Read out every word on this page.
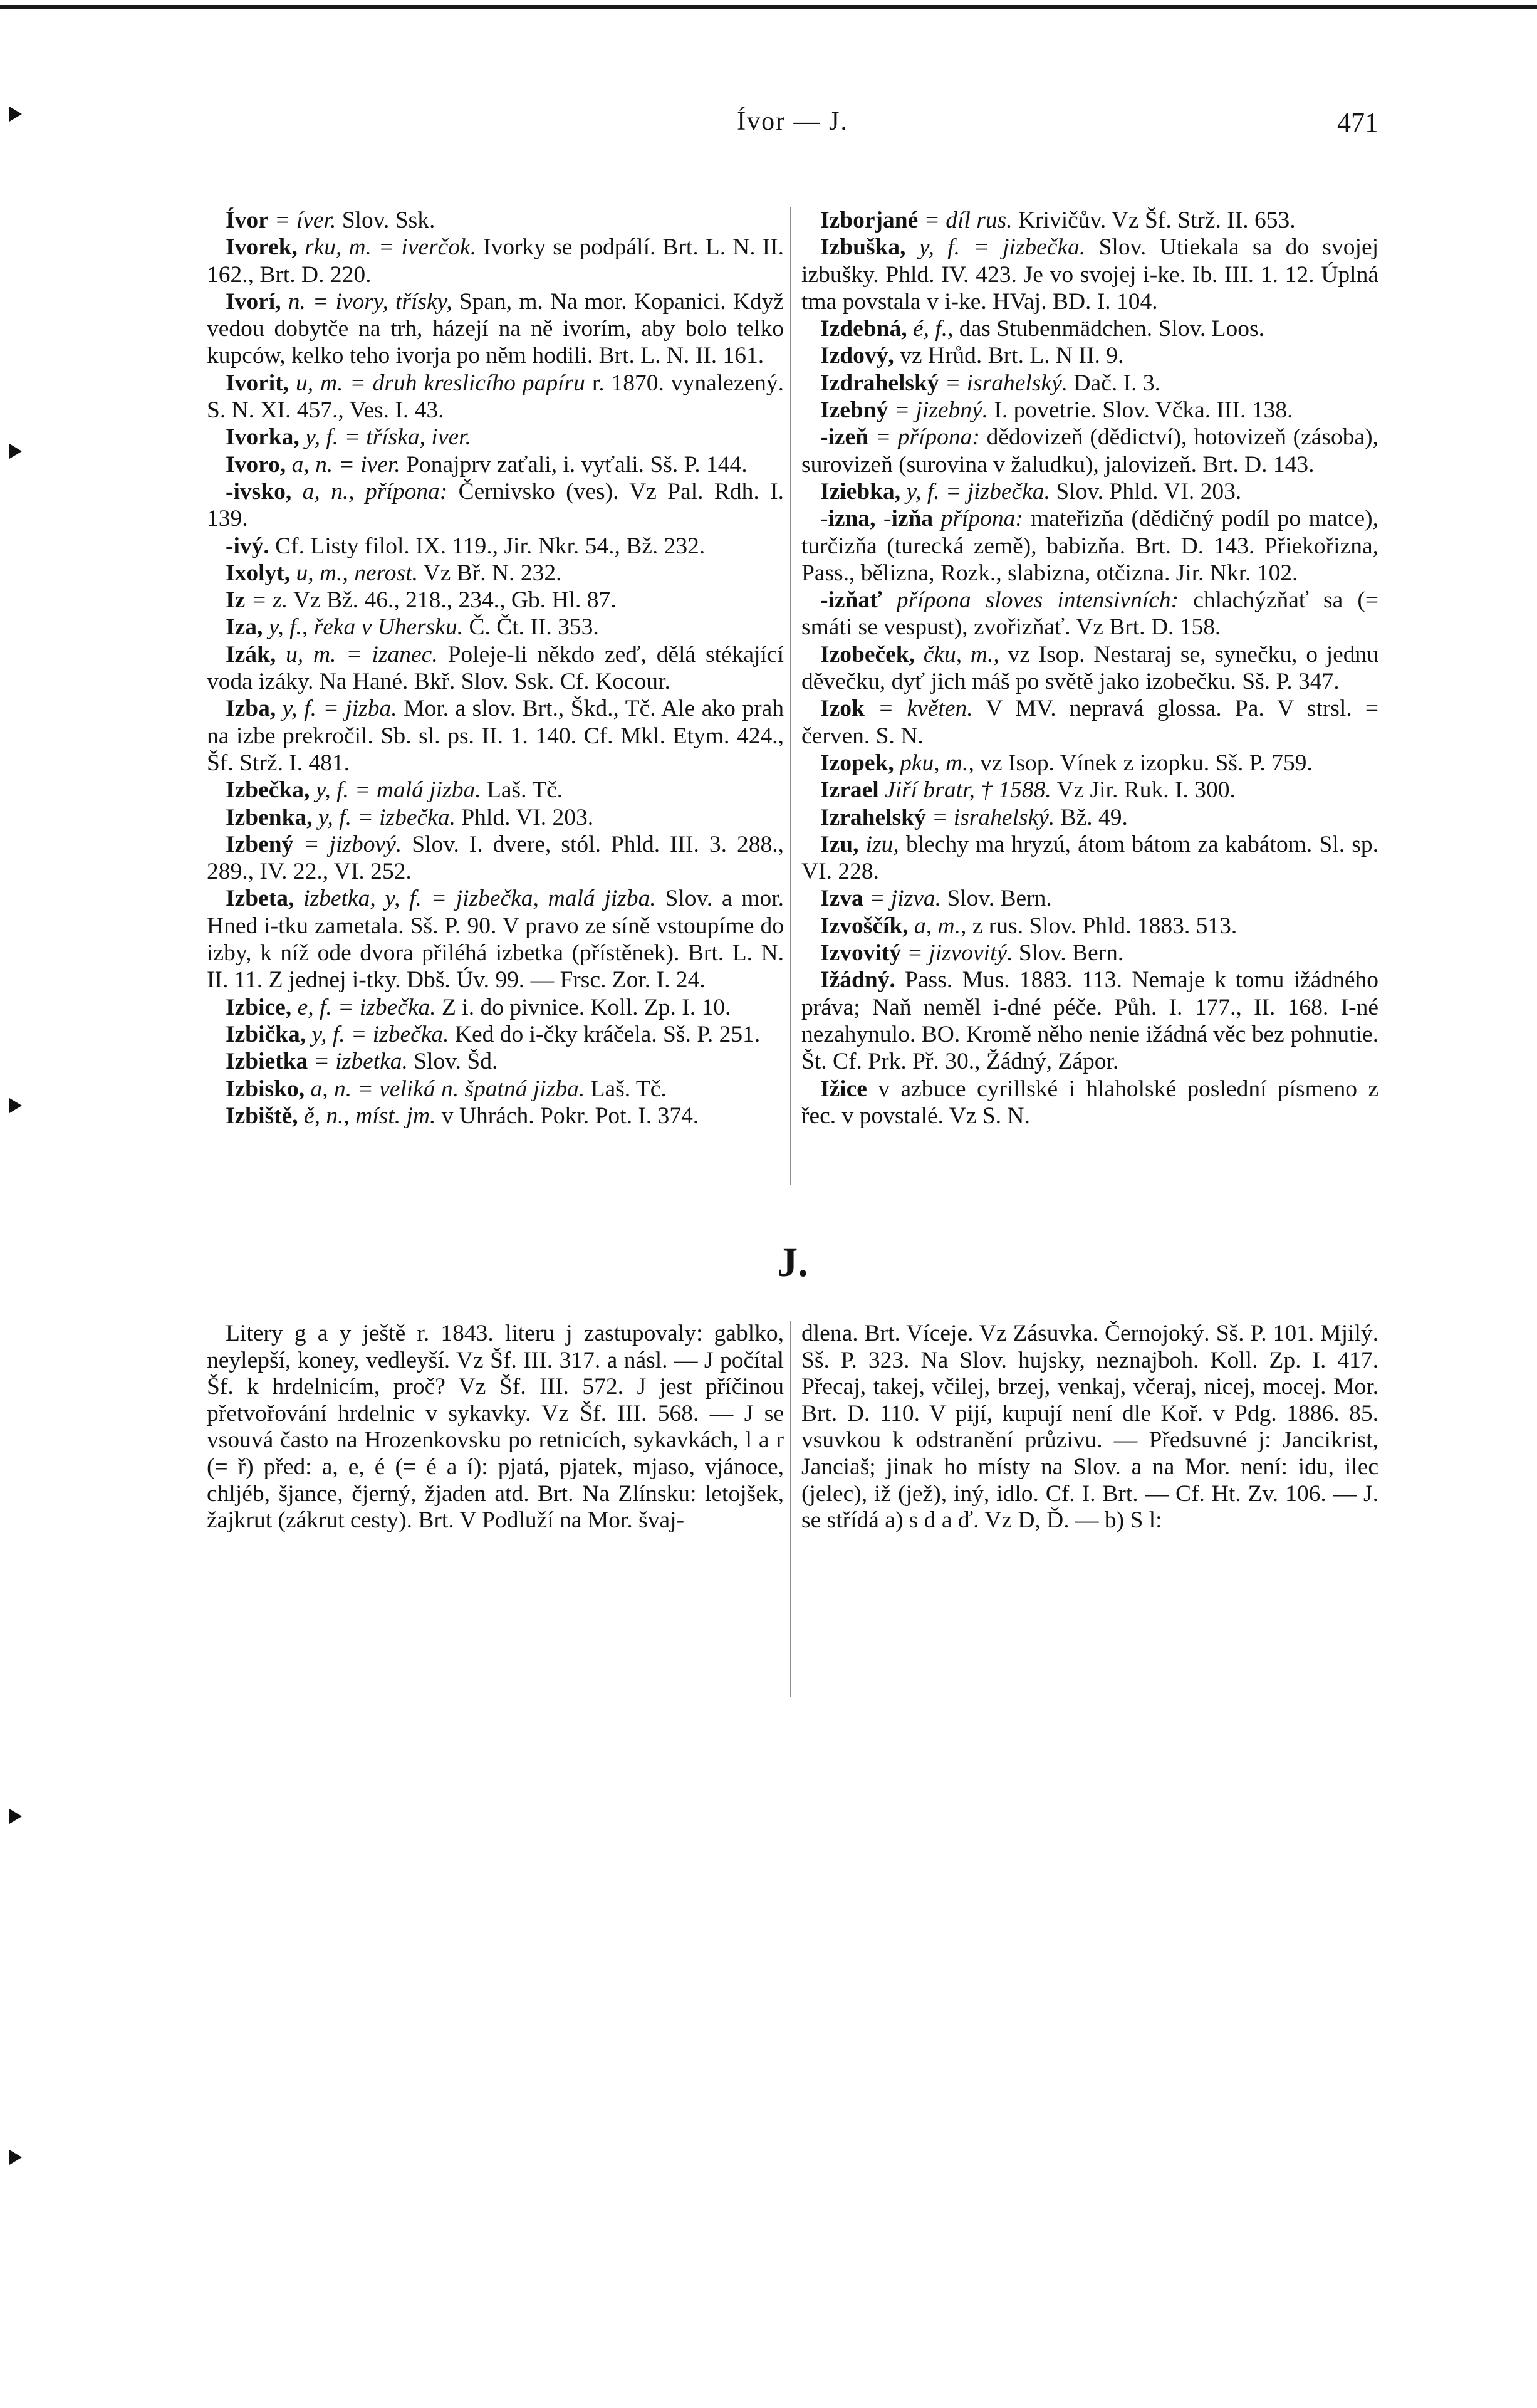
Ívor — J.	471

Ívor = íver. Slov. Ssk.

Ivorek, rku, m. = iverčok. Ivorky se podpálí. Brt. L. N. II. 162., Brt. D. 220.

Ivorí, n. = ivory, třísky, Span, m. Na mor. Kopanici. Když vedou dobytče na trh, házejí na ně ivorím, aby bolo telko kupców, kelko teho ivorja po něm hodili. Brt. L. N. II. 161.

Ivorit, u, m. = druh kreslicího papíru r. 1870. vynalezený. S. N. XI. 457., Ves. I. 43.

Ivorka, y, f. = tříska, iver.

Ivoro, a, n. = iver. Ponajprv zaťali, i. vyťali. Sš. P. 144.

-ivsko, a, n., přípona: Černivsko (ves). Vz Pal. Rdh. I. 139.

-ivý. Cf. Listy filol. IX. 119., Jir. Nkr. 54., Bž. 232.

Ixolyt, u, m., nerost. Vz Bř. N. 232.

Iz = z. Vz Bž. 46., 218., 234., Gb. Hl. 87.

Iza, y, f., řeka v Uhersku. Č. Čt. II. 353.

Izák, u, m. = izanec. Poleje-li někdo zeď, dělá stékající voda izáky. Na Hané. Bkř. Slov. Ssk. Cf. Kocour.

Izba, y, f. = jizba. Mor. a slov. Brt., Škd., Tč. Ale ako prah na izbe prekročil. Sb. sl. ps. II. 1. 140. Cf. Mkl. Etym. 424., Šf. Strž. I. 481.

Izbečka, y, f. = malá jizba. Laš. Tč.

Izbenka, y, f. = izbečka. Phld. VI. 203.

Izbený = jizbový. Slov. I. dvere, stól. Phld. III. 3. 288., 289., IV. 22., VI. 252.

Izbeta, izbetka, y, f. = jizbečka, malá jizba. Slov. a mor. Hned i-tku zametala. Sš. P. 90. V pravo ze síně vstoupíme do izby, k níž ode dvora přiléhá izbetka (přístěnek). Brt. L. N. II. 11. Z jednej i-tky. Dbš. Úv. 99. — Frsc. Zor. I. 24.

Izbice, e, f. = izbečka. Z i. do pivnice. Koll. Zp. I. 10.

Izbička, y, f. = izbečka. Ked do i-čky kráčela. Sš. P. 251.

Izbietka = izbetka. Slov. Šd.

Izbisko, a, n. = veliká n. špatná jizba. Laš. Tč.

Izbiště, ě, n., míst. jm. v Uhrách. Pokr. Pot. I. 374.

Izborjané = díl rus. Krivičův. Vz Šf. Strž. II. 653.

Izbuška, y, f. = jizbečka. Slov. Utiekala sa do svojej izbušky. Phld. IV. 423. Je vo svojej i-ke. Ib. III. 1. 12. Úplná tma povstala v i-ke. HVaj. BD. I. 104.

Izdebná, é, f., das Stubenmädchen. Slov. Loos.

Izdový, vz Hrůd. Brt. L. N II. 9.

Izdrahelský = israhelský. Dač. I. 3.

Izebný = jizebný. I. povetrie. Slov. Včka. III. 138.

-izeň = přípona: dědovizeň (dědictví), hotovizeň (zásoba), surovizeň (surovina v žaludku), jalovizeň. Brt. D. 143.

Iziebka, y, f. = jizbečka. Slov. Phld. VI. 203.

-izna, -izňa přípona: mateřizňa (dědičný podíl po matce), turčizňa (turecká země), babizňa. Brt. D. 143. Přiekořizna, Pass., bělizna, Rozk., slabizna, otčizna. Jir. Nkr. 102.

-izňať přípona sloves intensivních: chlachýzňať sa (= smáti se vespust), zvořizňať. Vz Brt. D. 158.

Izobeček, čku, m., vz Isop. Nestaraj se, synečku, o jednu děvečku, dyť jich máš po světě jako izobečku. Sš. P. 347.

Izok = květen. V MV. nepravá glossa. Pa. V strsl. = červen. S. N.

Izopek, pku, m., vz Isop. Vínek z izopku. Sš. P. 759.

Izrael Jiří bratr, † 1588. Vz Jir. Ruk. I. 300.

Izrahelský = israhelský. Bž. 49.

Izu, izu, blechy ma hryzú, átom bátom za kabátom. Sl. sp. VI. 228.

Izva = jizva. Slov. Bern.

Izvoščík, a, m., z rus. Slov. Phld. 1883. 513.

Izvovitý = jizvovitý. Slov. Bern.

Ižádný. Pass. Mus. 1883. 113. Nemaje k tomu ižádného práva; Naň neměl i-dné péče. Půh. I. 177., II. 168. I-né nezahynulo. BO. Kromě něho nenie ižádná věc bez pohnutie. Št. Cf. Prk. Př. 30., Žádný, Zápor.

Ižice v azbuce cyrillské i hlaholské poslední písmeno z řec. v povstalé. Vz S. N.

J.

Litery g a y ještě r. 1843. literu j zastupovaly: gablko, neylepší, koney, vedleyší. Vz Šf. III. 317. a násl. — J počítal Šf. k hrdelnicím, proč? Vz Šf. III. 572. J jest příčinou přetvořování hrdelnic v sykavky. Vz Šf. III. 568. — J se vsouvá často na Hrozenkovsku po retnicích, sykavkách, l a r (= ř) před: a, e, é (= é a í): pjatá, pjatek, mjaso, vjánoce, chljéb, šjance, čjerný, žjaden atd. Brt. Na Zlínsku: letojšek, žajkrut (zákrut cesty). Brt. V Podluží na Mor. švaj-

dlena. Brt. Víceje. Vz Zásuvka. Černojoký. Sš. P. 101. Mjilý. Sš. P. 323. Na Slov. hujsky, neznajboh. Koll. Zp. I. 417. Přecaj, takej, včilej, brzej, venkaj, včeraj, nicej, mocej. Mor. Brt. D. 110. V pijí, kupují není dle Koř. v Pdg. 1886. 85. vsuvkou k odstranění průzivu. — Předsuvné j: Jancikrist, Janciaš; jinak ho místy na Slov. a na Mor. není: idu, ilec (jelec), iž (jež), iný, idlo. Cf. I. Brt. — Cf. Ht. Zv. 106. — J. se střídá a) s d a ď. Vz D, Ď. — b) S l:
